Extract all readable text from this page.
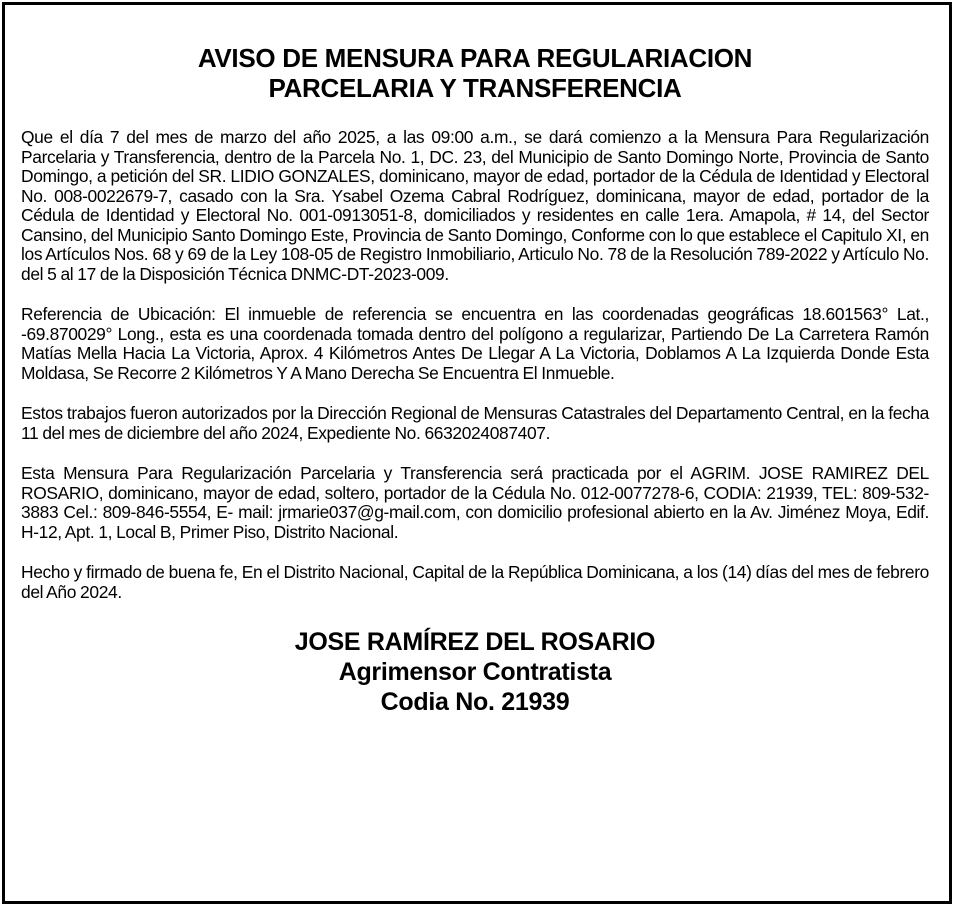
AVISO DE MENSURA PARA REGULARIACION
PARCELARIA Y TRANSFERENCIA

Que el día 7 del mes de marzo del año 2025, a las 09:00 a.m., se dará comienzo a la Mensura Para Regularización Parcelaria y Transferencia, dentro de la Parcela No. 1, DC. 23, del Municipio de Santo Domingo Norte, Provincia de Santo Domingo, a petición del SR. LIDIO GONZALES, dominicano, mayor de edad, portador de la Cédula de Identidad y Electoral No. 008-0022679-7, casado con la Sra. Ysabel Ozema Cabral Rodríguez, dominicana, mayor de edad, portador de la Cédula de Identidad y Electoral No. 001-0913051-8, domiciliados y residentes en calle 1era. Amapola, # 14, del Sector Cansino, del Municipio Santo Domingo Este, Provincia de Santo Domingo, Conforme con lo que establece el Capitulo XI, en los Artículos Nos. 68 y 69 de la Ley 108-05 de Registro Inmobiliario, Articulo No. 78 de la Resolución 789-2022 y Artículo No. del 5 al 17 de la Disposición Técnica DNMC-DT-2023-009.

Referencia de Ubicación: El inmueble de referencia se encuentra en las coordenadas geográficas 18.601563° Lat., -69.870029° Long., esta es una coordenada tomada dentro del polígono a regularizar, Partiendo De La Carretera Ramón Matías Mella Hacia La Victoria, Aprox. 4 Kilómetros Antes De Llegar A La Victoria, Doblamos A La Izquierda Donde Esta Moldasa, Se Recorre 2 Kilómetros Y A Mano Derecha Se Encuentra El Inmueble.

Estos trabajos fueron autorizados por la Dirección Regional de Mensuras Catastrales del Departamento Central, en la fecha 11 del mes de diciembre del año 2024, Expediente No. 6632024087407.

Esta Mensura Para Regularización Parcelaria y Transferencia será practicada por el AGRIM. JOSE RAMIREZ DEL ROSARIO, dominicano, mayor de edad, soltero, portador de la Cédula No. 012-0077278-6, CODIA: 21939, TEL: 809-532-3883 Cel.: 809-846-5554, E- mail: jrmarie037@g-mail.com, con domicilio profesional abierto en la Av. Jiménez Moya, Edif. H-12, Apt. 1, Local B, Primer Piso, Distrito Nacional.

Hecho y firmado de buena fe, En el Distrito Nacional, Capital de la República Dominicana, a los (14) días del mes de febrero del Año 2024.

JOSE RAMÍREZ DEL ROSARIO
Agrimensor Contratista
Codia No. 21939
